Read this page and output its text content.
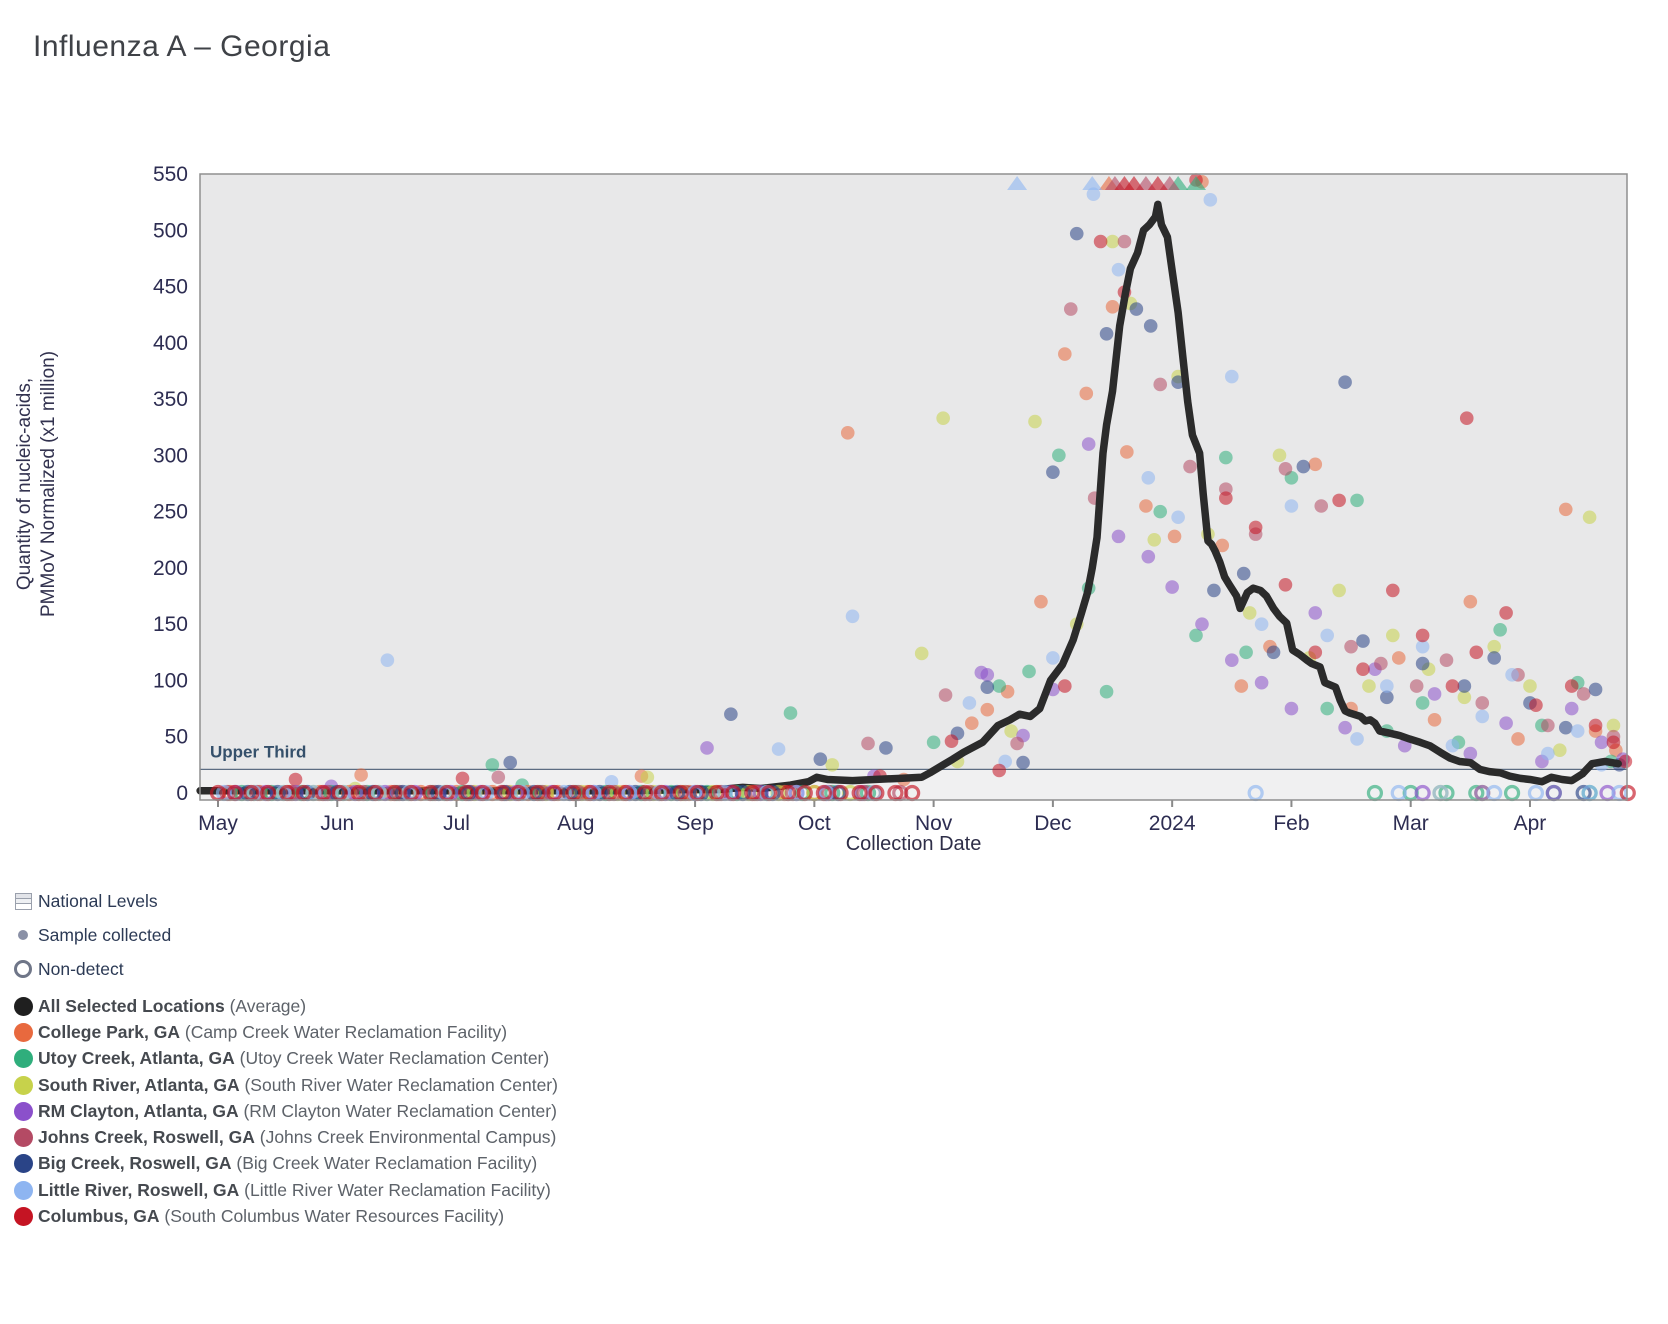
Influenza A – Georgia
Upper Third
0
50
100
150
200
250
300
350
400
450
500
550
May	Jun	Jul	Aug	Sep	Oct	Nov	Dec	2024	Feb	Mar	Apr
Quantity of nucleic-acids, PMMoV Normalized (x1 million)
Collection Date
National Levels
Sample collected
Non-detect
All Selected Locations (Average)
College Park, GA (Camp Creek Water Reclamation Facility)
Utoy Creek, Atlanta, GA (Utoy Creek Water Reclamation Center)
South River, Atlanta, GA (South River Water Reclamation Center)
RM Clayton, Atlanta, GA (RM Clayton Water Reclamation Center)
Johns Creek, Roswell, GA (Johns Creek Environmental Campus)
Big Creek, Roswell, GA (Big Creek Water Reclamation Facility)
Little River, Roswell, GA (Little River Water Reclamation Facility)
Columbus, GA (South Columbus Water Resources Facility)
